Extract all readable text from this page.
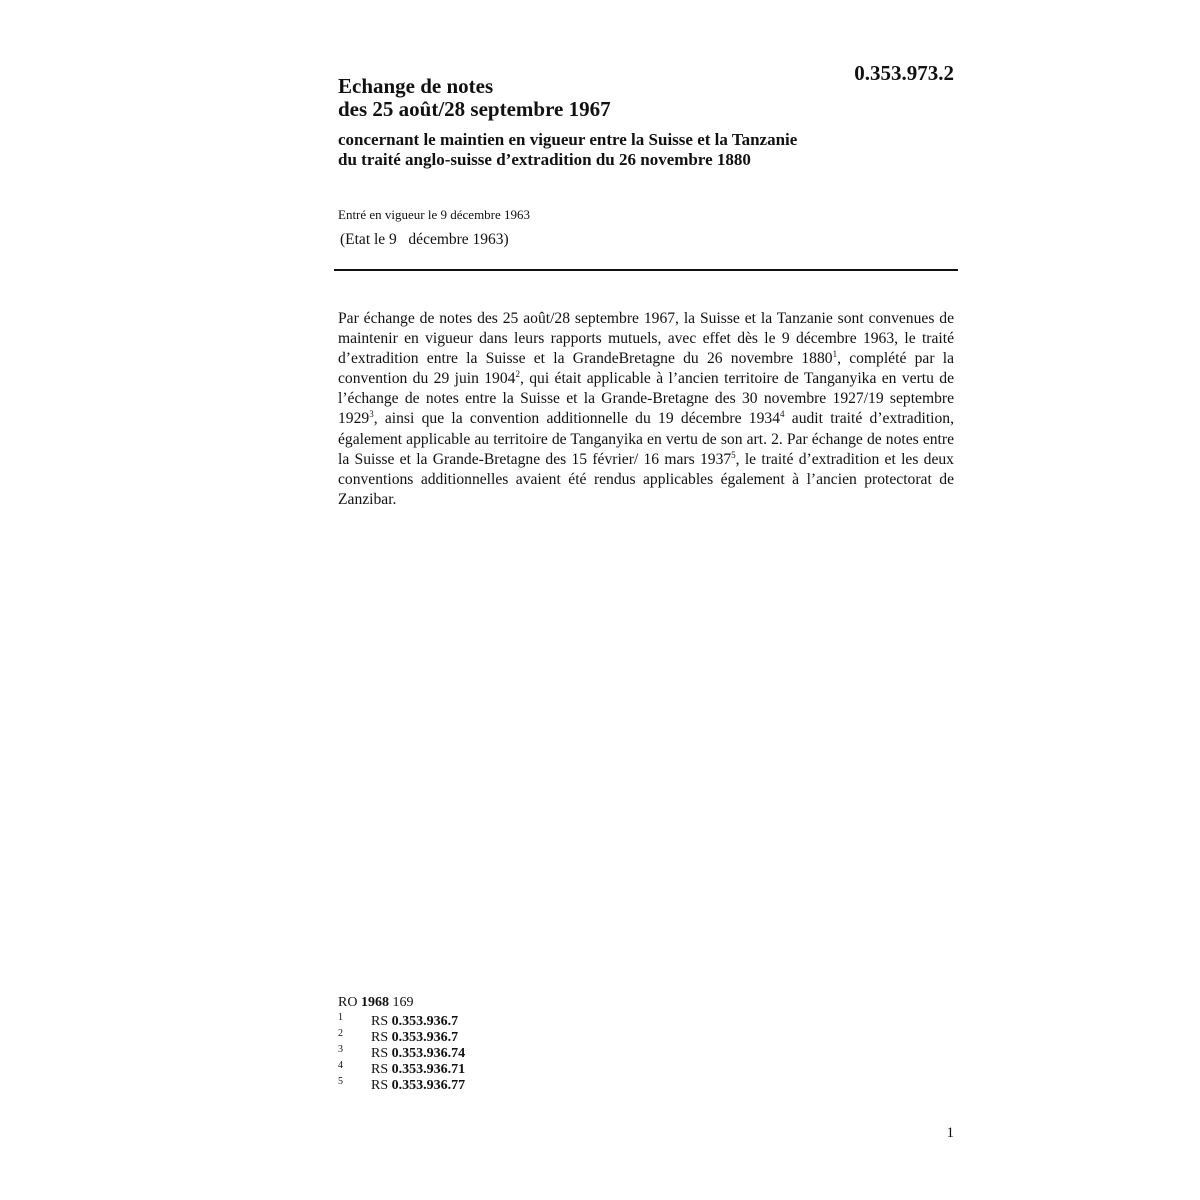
0.353.973.2
Echange de notes
des 25 août/28 septembre 1967
concernant le maintien en vigueur entre la Suisse et la Tanzanie
du traité anglo-suisse d’extradition du 26 novembre 1880

Entré en vigueur le 9 décembre 1963

(Etat le 9   décembre 1963)

Par échange de notes des 25 août/28 septembre 1967, la Suisse et la Tanzanie sont convenues de maintenir en vigueur dans leurs rapports mutuels, avec effet dès le 9 décembre 1963, le traité d’extradition entre la Suisse et la GrandeBretagne du 26 novembre 1880$^1$, complété par la convention du 29 juin 1904$^2$, qui était applicable à l’ancien territoire de Tanganyika en vertu de l’échange de notes entre la Suisse et la Grande-Bretagne des 30 novembre 1927/19 septembre 1929$^3$, ainsi que la convention additionnelle du 19 décembre 1934$^4$ audit traité d’extradition, également applicable au territoire de Tanganyika en vertu de son art. 2. Par échange de notes entre la Suisse et la Grande-Bretagne des 15 février/ 16 mars 1937$^5$, le traité d’extradition et les deux conventions additionnelles avaient été rendus applicables également à l’ancien protectorat de Zanzibar.

RO 1968 169

1 RS 0.353.936.7
2 RS 0.353.936.7
3 RS 0.353.936.74
4 RS 0.353.936.71
5 RS 0.353.936.77
1
